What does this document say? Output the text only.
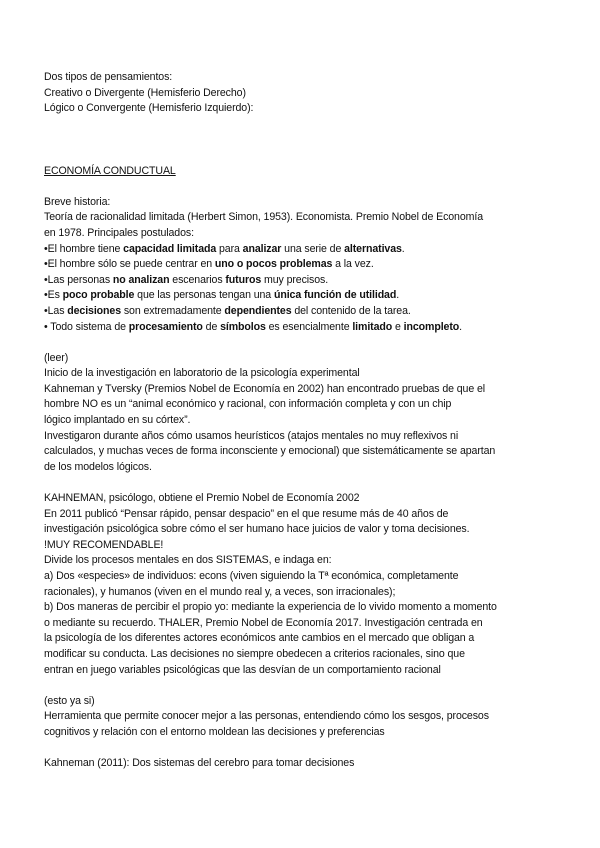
Dos tipos de pensamientos:
Creativo o Divergente (Hemisferio Derecho)
Lógico o Convergente (Hemisferio Izquierdo):
ECONOMÍA CONDUCTUAL
Breve historia:
Teoría de racionalidad limitada (Herbert Simon, 1953). Economista. Premio Nobel de Economía
en 1978. Principales postulados:
•El hombre tiene capacidad limitada para analizar una serie de alternativas.
•El hombre sólo se puede centrar en uno o pocos problemas a la vez.
•Las personas no analizan escenarios futuros muy precisos.
•Es poco probable que las personas tengan una única función de utilidad.
•Las decisiones son extremadamente dependientes del contenido de la tarea.
• Todo sistema de procesamiento de símbolos es esencialmente limitado e incompleto.
(leer)
Inicio de la investigación en laboratorio de la psicología experimental
Kahneman y Tversky (Premios Nobel de Economía en 2002) han encontrado pruebas de que el
hombre NO es un “animal económico y racional, con información completa y con un chip
lógico implantado en su córtex”.
Investigaron durante años cómo usamos heurísticos (atajos mentales no muy reflexivos ni
calculados, y muchas veces de forma inconsciente y emocional) que sistemáticamente se apartan
de los modelos lógicos.
KAHNEMAN, psicólogo, obtiene el Premio Nobel de Economía 2002
En 2011 publicó “Pensar rápido, pensar despacio” en el que resume más de 40 años de
investigación psicológica sobre cómo el ser humano hace juicios de valor y toma decisiones.
!MUY RECOMENDABLE!
Divide los procesos mentales en dos SISTEMAS, e indaga en:
a) Dos «especies» de individuos: econs (viven siguiendo la Tª económica, completamente
racionales), y humanos (viven en el mundo real y, a veces, son irracionales);
b) Dos maneras de percibir el propio yo: mediante la experiencia de lo vivido momento a momento
o mediante su recuerdo. THALER, Premio Nobel de Economía 2017. Investigación centrada en
la psicología de los diferentes actores económicos ante cambios en el mercado que obligan a
modificar su conducta. Las decisiones no siempre obedecen a criterios racionales, sino que
entran en juego variables psicológicas que las desvían de un comportamiento racional
(esto ya si)
Herramienta que permite conocer mejor a las personas, entendiendo cómo los sesgos, procesos
cognitivos y relación con el entorno moldean las decisiones y preferencias
Kahneman (2011): Dos sistemas del cerebro para tomar decisiones
